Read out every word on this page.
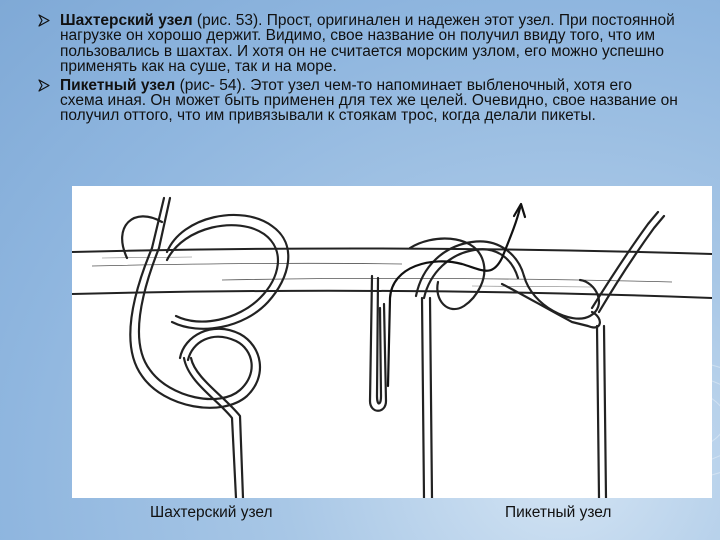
Шахтерский узел (рис. 53). Прост, оригинален и надежен этот узел. При постоянной нагрузке он хорошо держит. Видимо, свое название он получил ввиду того, что им пользовались в шахтах. И хотя он не считается морским узлом, его можно успешно применять как на суше, так и на море.
Пикетный узел (рис- 54). Этот узел чем-то напоминает выбленочный, хотя его схема иная. Он может быть применен для тех же целей. Очевидно, свое название он получил оттого, что им привязывали к стоякам трос, когда делали пикеты.
Шахтерский узел	Пикетный узел
